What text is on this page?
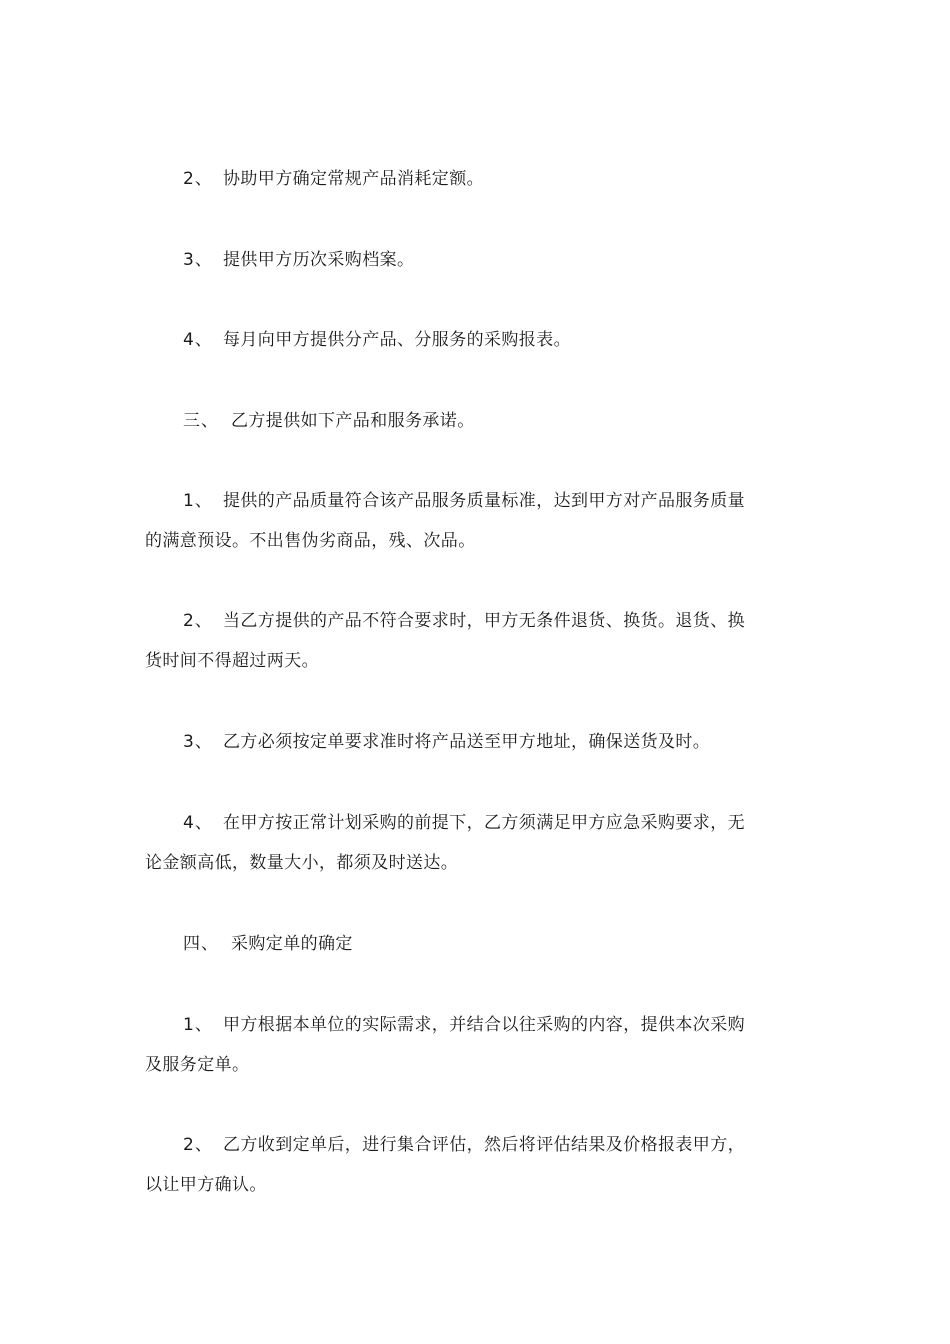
2、 协助甲方确定常规产品消耗定额。
3、 提供甲方历次采购档案。
4、 每月向甲方提供分产品、分服务的采购报表。
三、 乙方提供如下产品和服务承诺。
1、 提供的产品质量符合该产品服务质量标准，达到甲方对产品服务质量
的满意预设。不出售伪劣商品，残、次品。
2、 当乙方提供的产品不符合要求时，甲方无条件退货、换货。退货、换
货时间不得超过两天。
3、 乙方必须按定单要求准时将产品送至甲方地址，确保送货及时。
4、 在甲方按正常计划采购的前提下，乙方须满足甲方应急采购要求，无
论金额高低，数量大小，都须及时送达。
四、 采购定单的确定
1、 甲方根据本单位的实际需求，并结合以往采购的内容，提供本次采购
及服务定单。
2、 乙方收到定单后，进行集合评估，然后将评估结果及价格报表甲方，
以让甲方确认。
